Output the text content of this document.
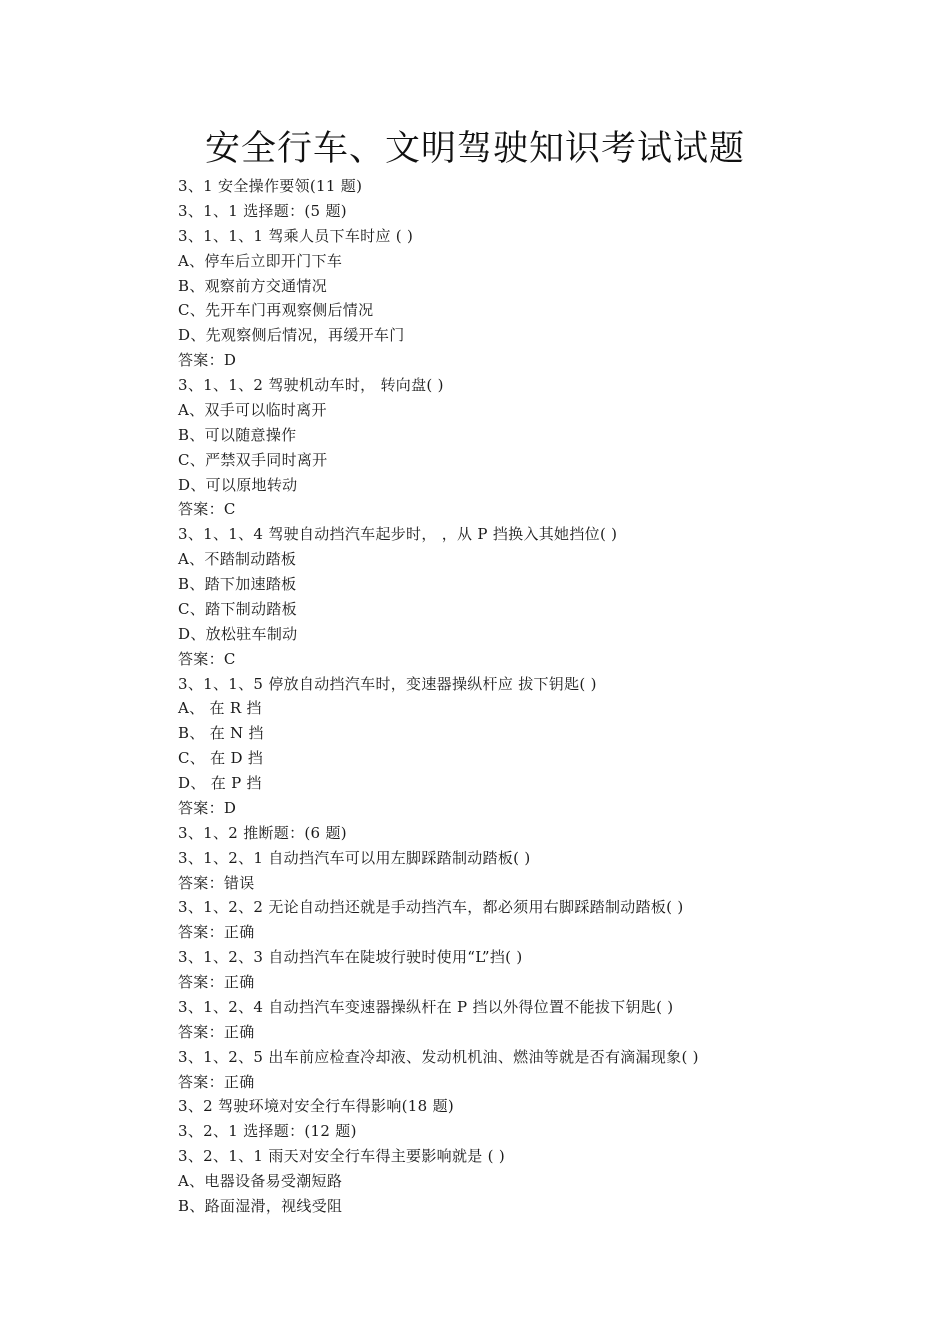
安全行车、文明驾驶知识考试试题
3、1 安全操作要领(11 题)
3、1、1 选择题：(5 题)
3、1、1、1 驾乘人员下车时应 ( )
A、停车后立即开门下车
B、观察前方交通情况
C、先开车门再观察侧后情况
D、先观察侧后情况，再缓开车门
答案：D
3、1、1、2 驾驶机动车时， 转向盘( )
A、双手可以临时离开
B、可以随意操作
C、严禁双手同时离开
D、可以原地转动
答案：C
3、1、1、4 驾驶自动挡汽车起步时， ，从 P 挡换入其她挡位( )
A、不踏制动踏板
B、踏下加速踏板
C、踏下制动踏板
D、放松驻车制动
答案：C
3、1、1、5 停放自动挡汽车时，变速器操纵杆应 拔下钥匙( )
A、 在 R 挡
B、 在 N 挡
C、 在 D 挡
D、 在 P 挡
答案：D
3、1、2 推断题：(6 题)
3、1、2、1 自动挡汽车可以用左脚踩踏制动踏板( )
答案：错误
3、1、2、2 无论自动挡还就是手动挡汽车，都必须用右脚踩踏制动踏板( )
答案：正确
3、1、2、3 自动挡汽车在陡坡行驶时使用“L”挡( )
答案：正确
3、1、2、4 自动挡汽车变速器操纵杆在 P 挡以外得位置不能拔下钥匙( )
答案：正确
3、1、2、5 出车前应检查冷却液、发动机机油、燃油等就是否有滴漏现象( )
答案：正确
3、2 驾驶环境对安全行车得影响(18 题)
3、2、1 选择题：(12 题)
3、2、1、1 雨天对安全行车得主要影响就是 ( )
A、电器设备易受潮短路
B、路面湿滑，视线受阻
